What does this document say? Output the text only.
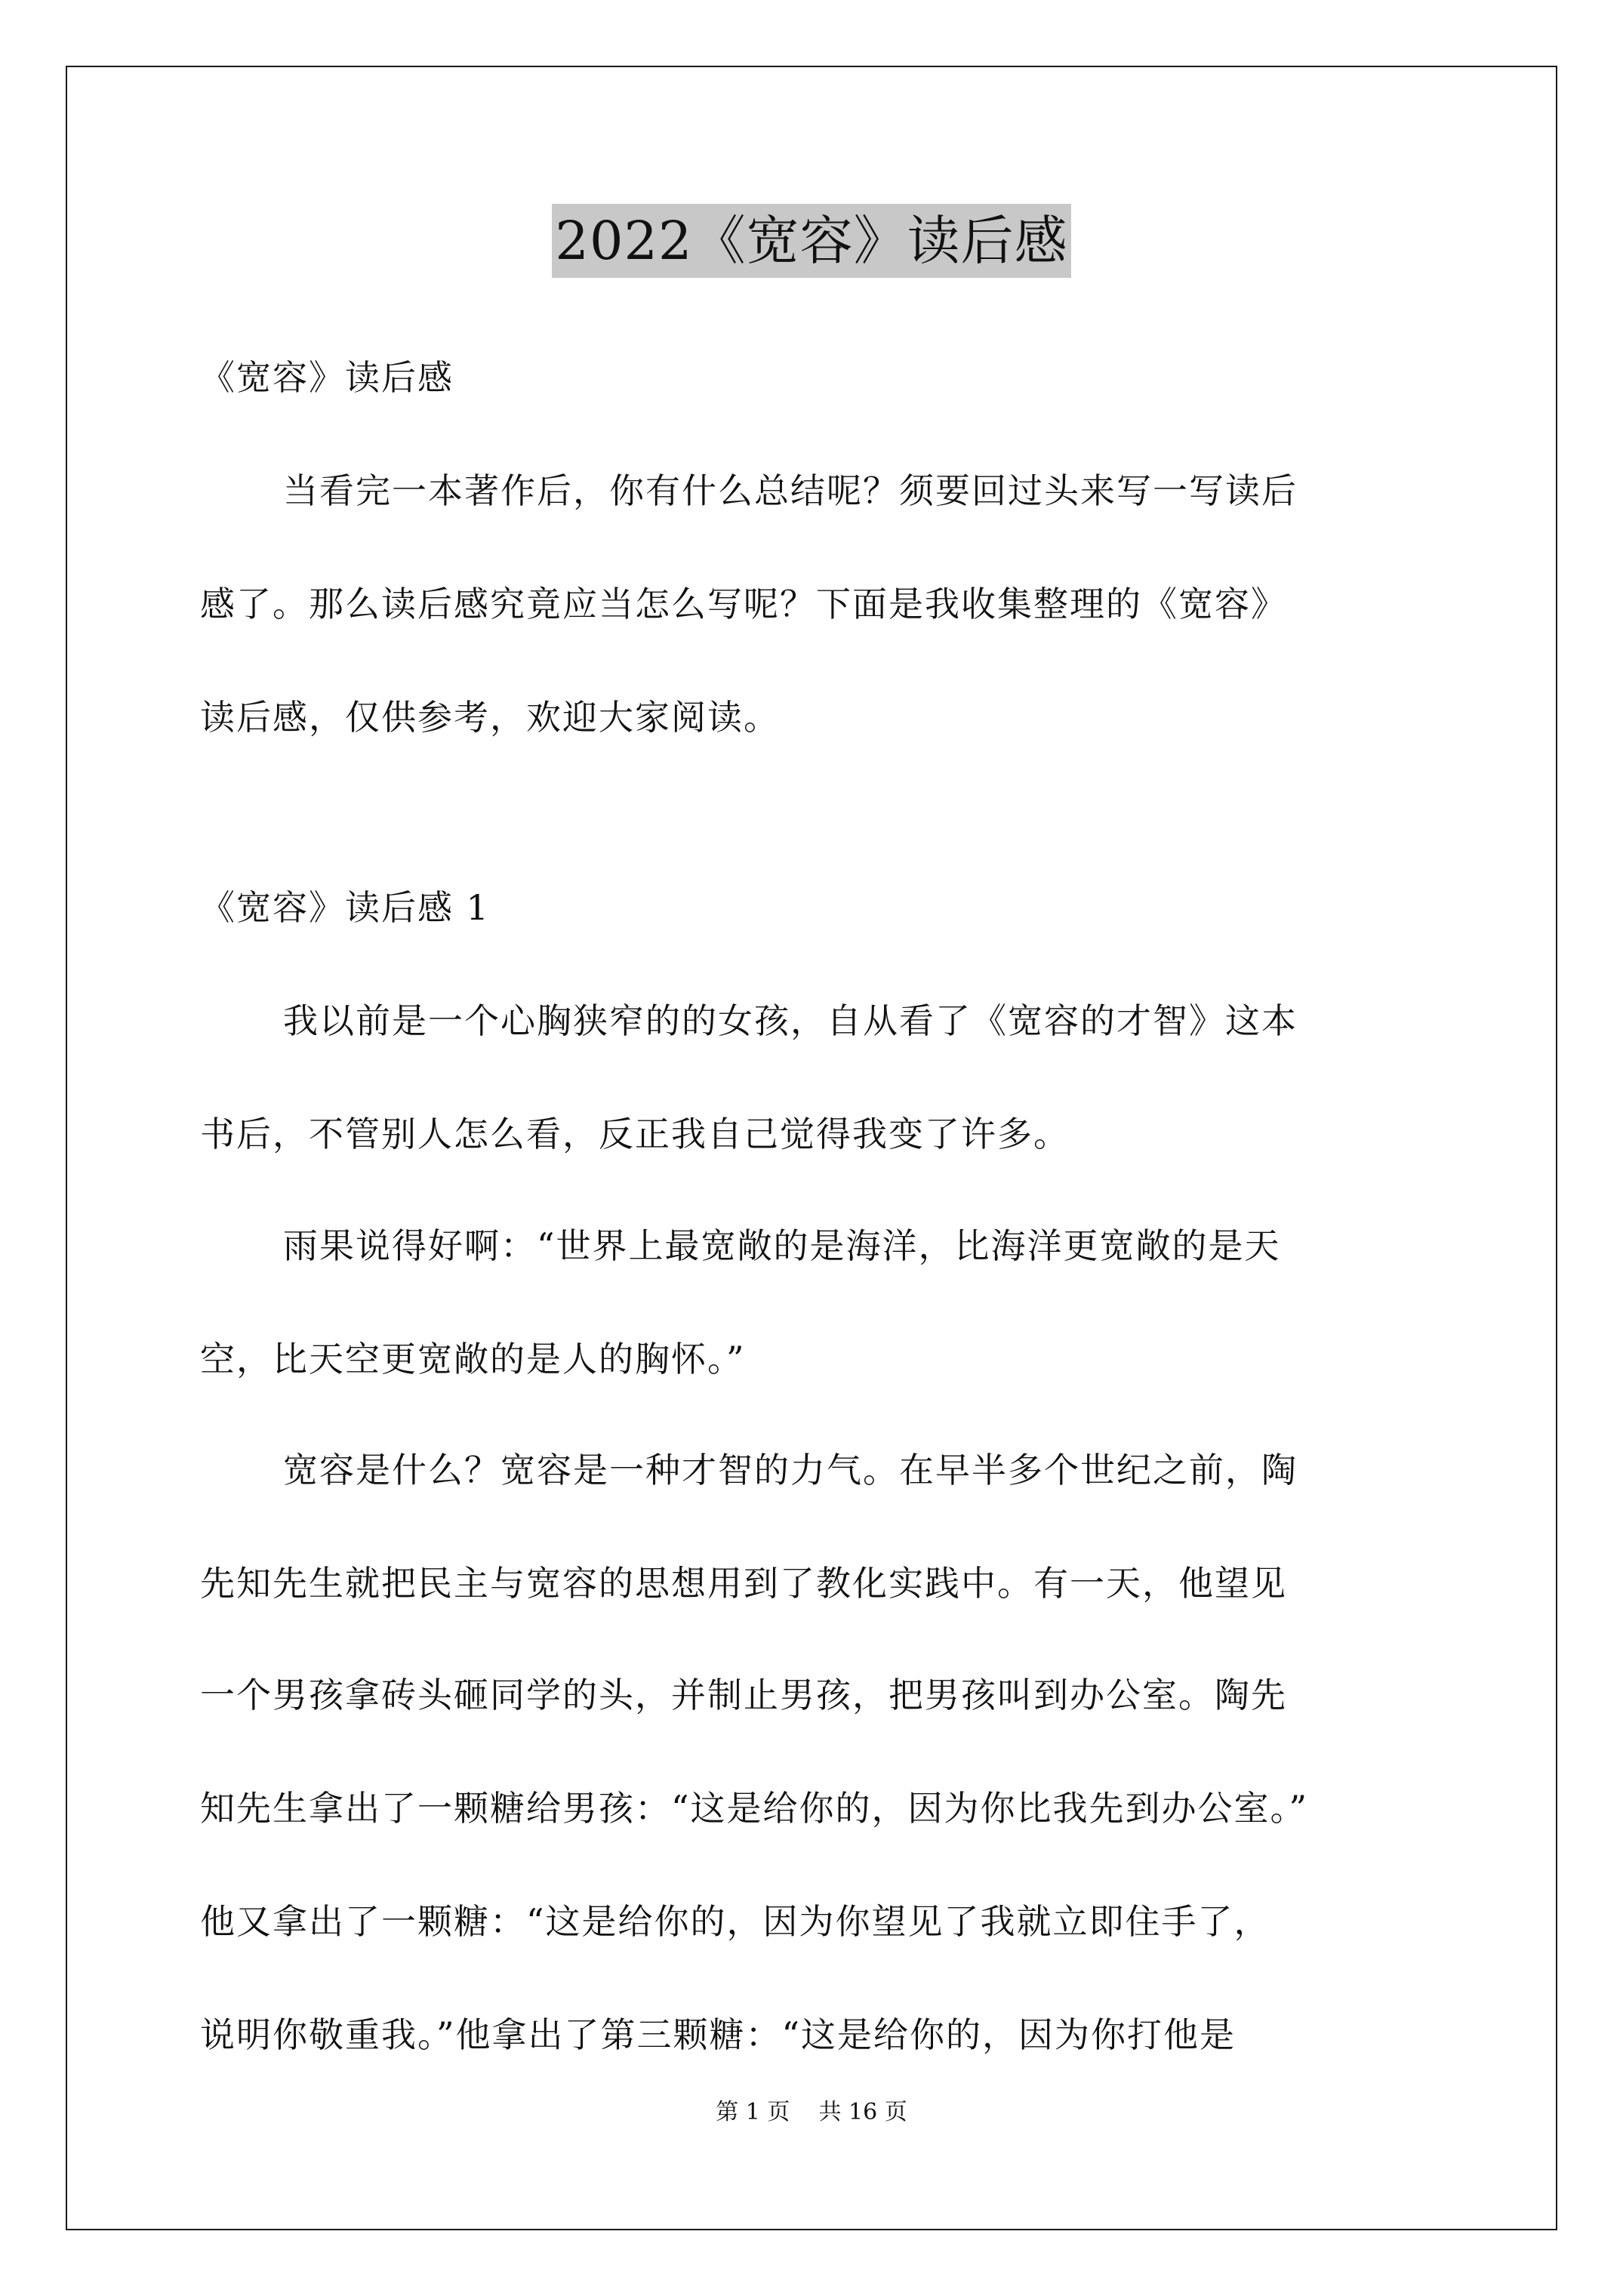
2022《宽容》读后感
《宽容》读后感
当看完一本著作后，你有什么总结呢？须要回过头来写一写读后
感了。那么读后感究竟应当怎么写呢？下面是我收集整理的《宽容》
读后感，仅供参考，欢迎大家阅读。
《宽容》读后感 1
我以前是一个心胸狭窄的的女孩，自从看了《宽容的才智》这本
书后，不管别人怎么看，反正我自己觉得我变了许多。
雨果说得好啊：“世界上最宽敞的是海洋，比海洋更宽敞的是天
空，比天空更宽敞的是人的胸怀。”
宽容是什么？宽容是一种才智的力气。在早半多个世纪之前，陶
先知先生就把民主与宽容的思想用到了教化实践中。有一天，他望见
一个男孩拿砖头砸同学的头，并制止男孩，把男孩叫到办公室。陶先
知先生拿出了一颗糖给男孩：“这是给你的，因为你比我先到办公室。”
他又拿出了一颗糖：“这是给你的，因为你望见了我就立即住手了，
说明你敬重我。”他拿出了第三颗糖：“这是给你的，因为你打他是
第 1 页    共 16 页
